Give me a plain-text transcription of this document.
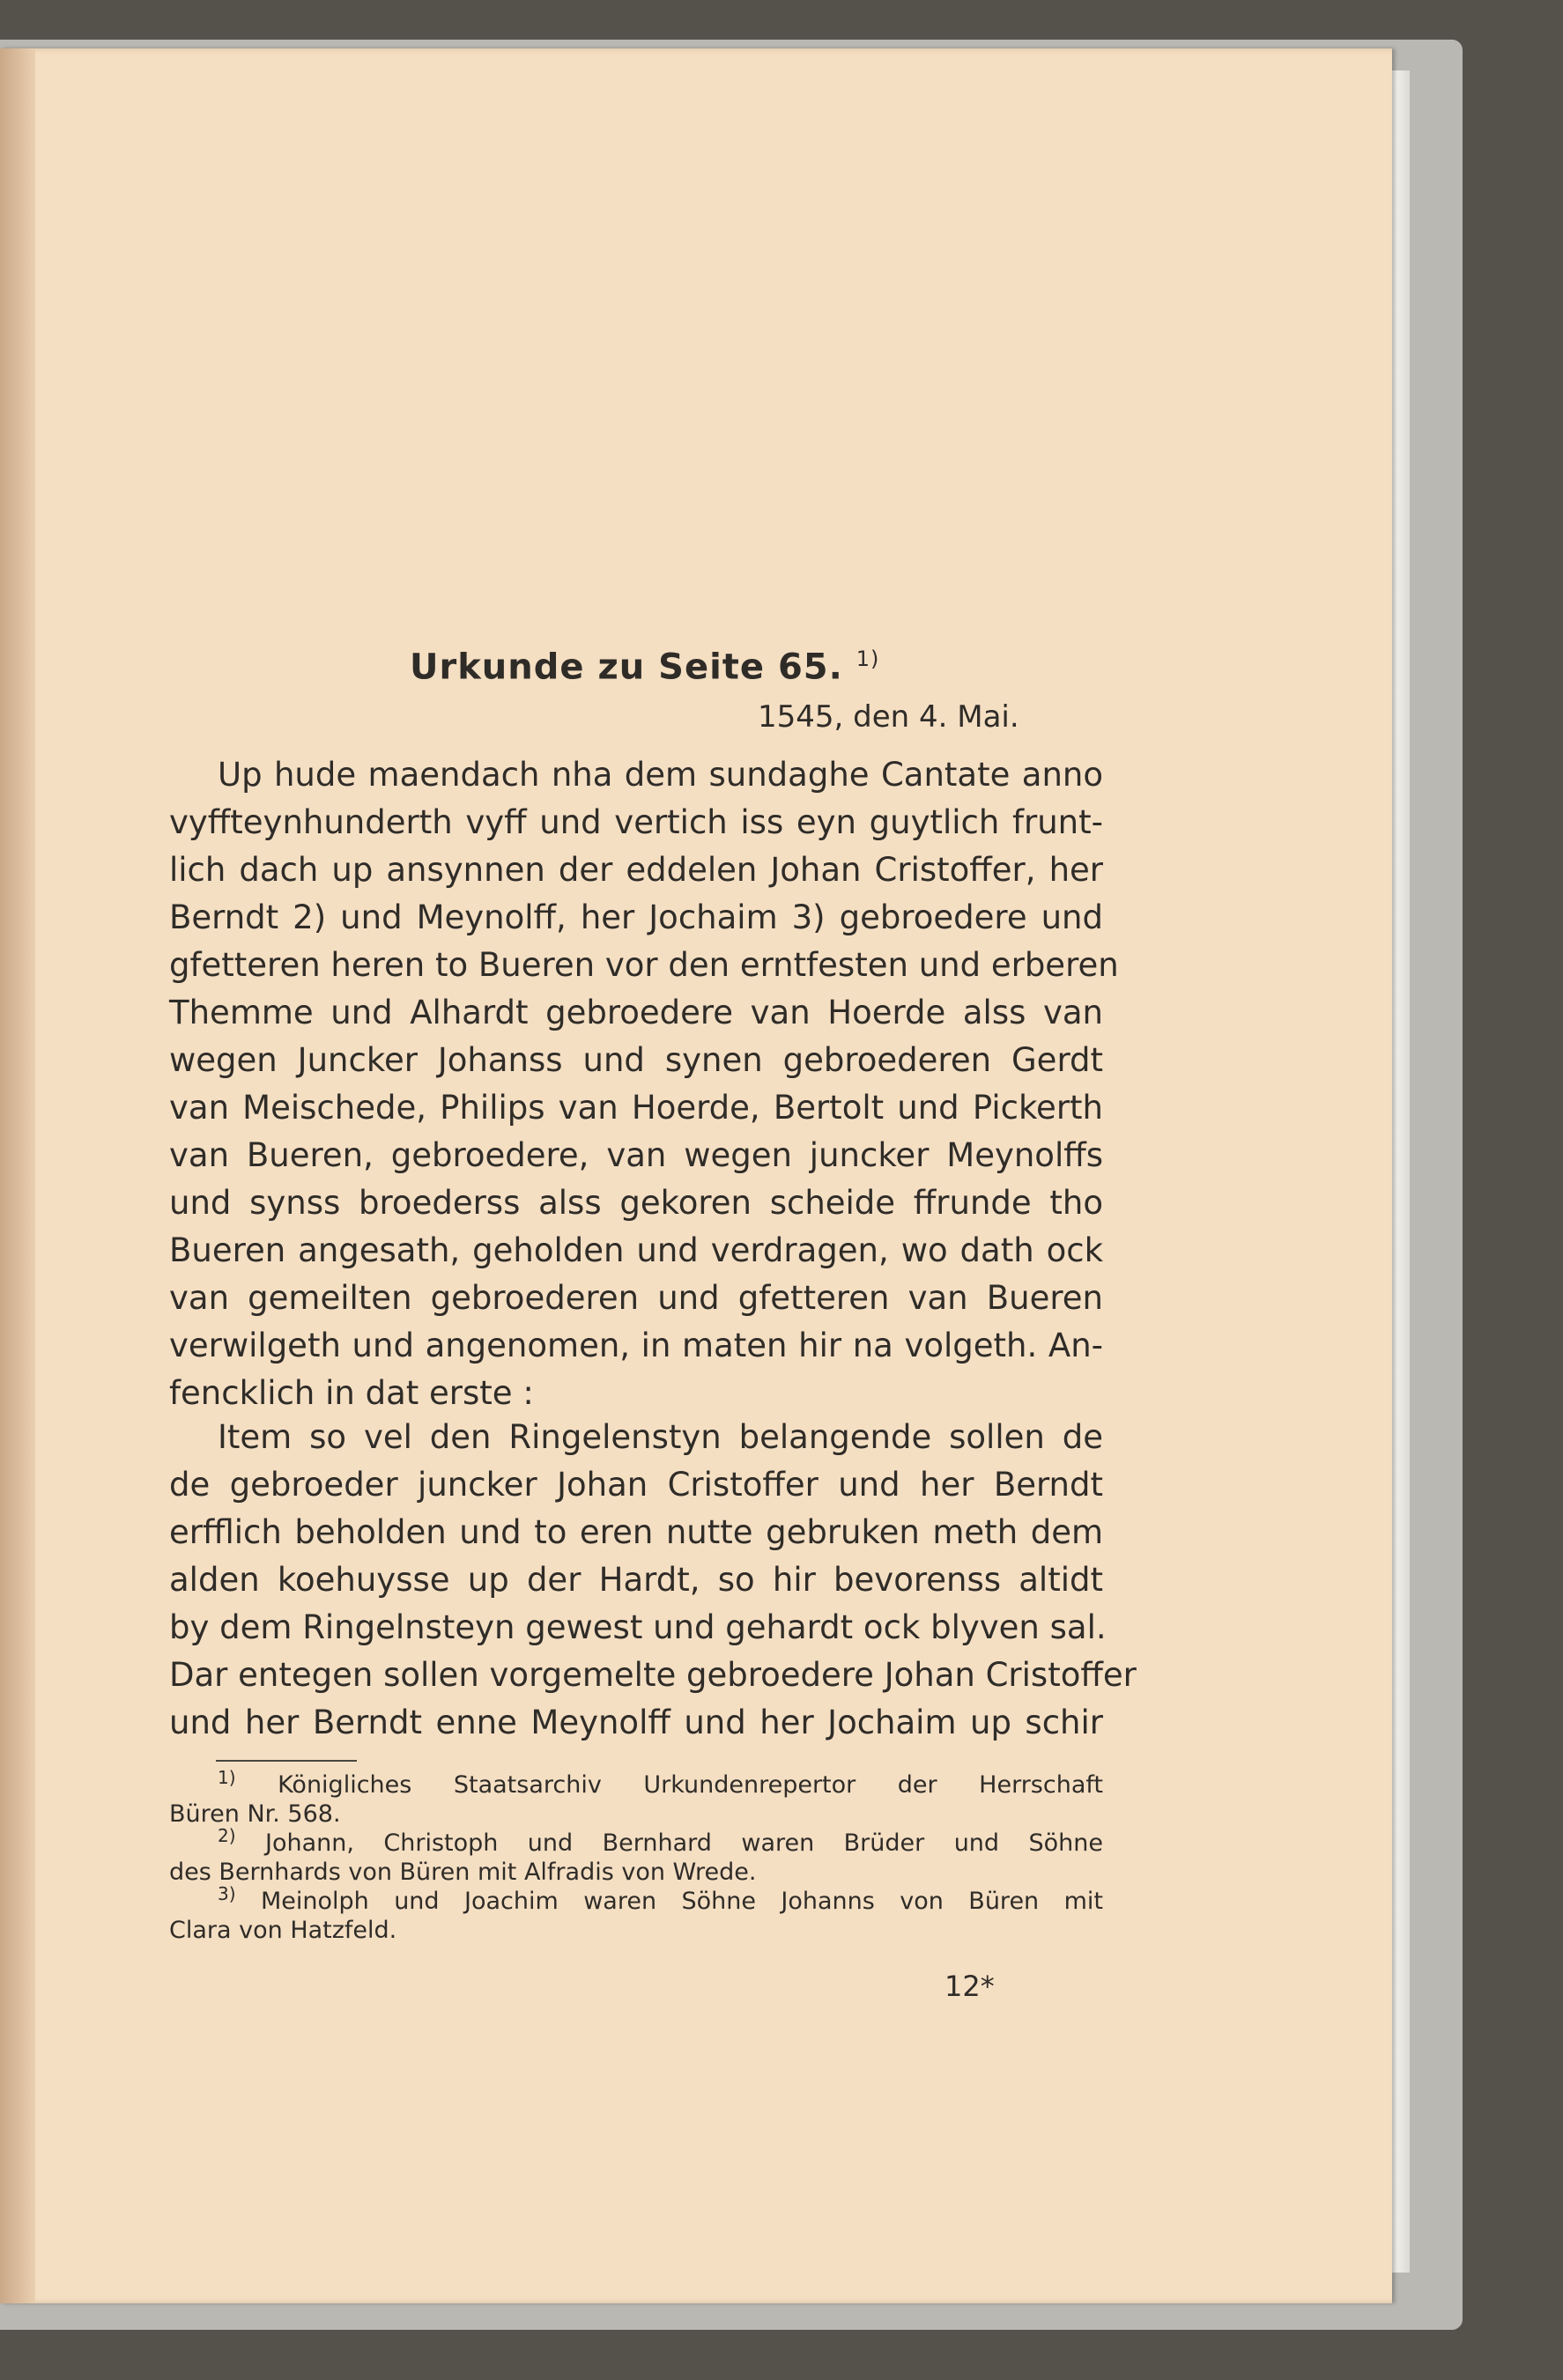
Urkunde zu Seite 65. $^{1)}$
1545, den 4. Mai.
Up hude maendach nha dem sundaghe Cantate anno
vyffteynhunderth vyff und vertich iss eyn guytlich frunt-
lich dach up ansynnen der eddelen Johan Cristoffer, her
Berndt 2) und Meynolff, her Jochaim 3) gebroedere und
gfetteren heren to Bueren vor den erntfesten und erberen
Themme und Alhardt gebroedere van Hoerde alss van
wegen Juncker Johanss und synen gebroederen Gerdt
van Meischede, Philips van Hoerde, Bertolt und Pickerth
van Bueren, gebroedere, van wegen juncker Meynolffs
und synss broederss alss gekoren scheide ffrunde tho
Bueren angesath, geholden und verdragen, wo dath ock
van gemeilten gebroederen und gfetteren van Bueren
verwilgeth und angenomen, in maten hir na volgeth. An-
fencklich in dat erste :
Item so vel den Ringelenstyn belangende sollen de
de gebroeder juncker Johan Cristoffer und her Berndt
erfflich beholden und to eren nutte gebruken meth dem
alden koehuysse up der Hardt, so hir bevorenss altidt
by dem Ringelnsteyn gewest und gehardt ock blyven sal.
Dar entegen sollen vorgemelte gebroedere Johan Cristoffer
und her Berndt enne Meynolff und her Jochaim up schir
$^{1)}$ Königliches Staatsarchiv Urkundenrepertor der Herrschaft
Büren Nr. 568.
$^{2)}$ Johann, Christoph und Bernhard waren Brüder und Söhne
des Bernhards von Büren mit Alfradis von Wrede.
$^{3)}$ Meinolph und Joachim waren Söhne Johanns von Büren mit
Clara von Hatzfeld.
12*
